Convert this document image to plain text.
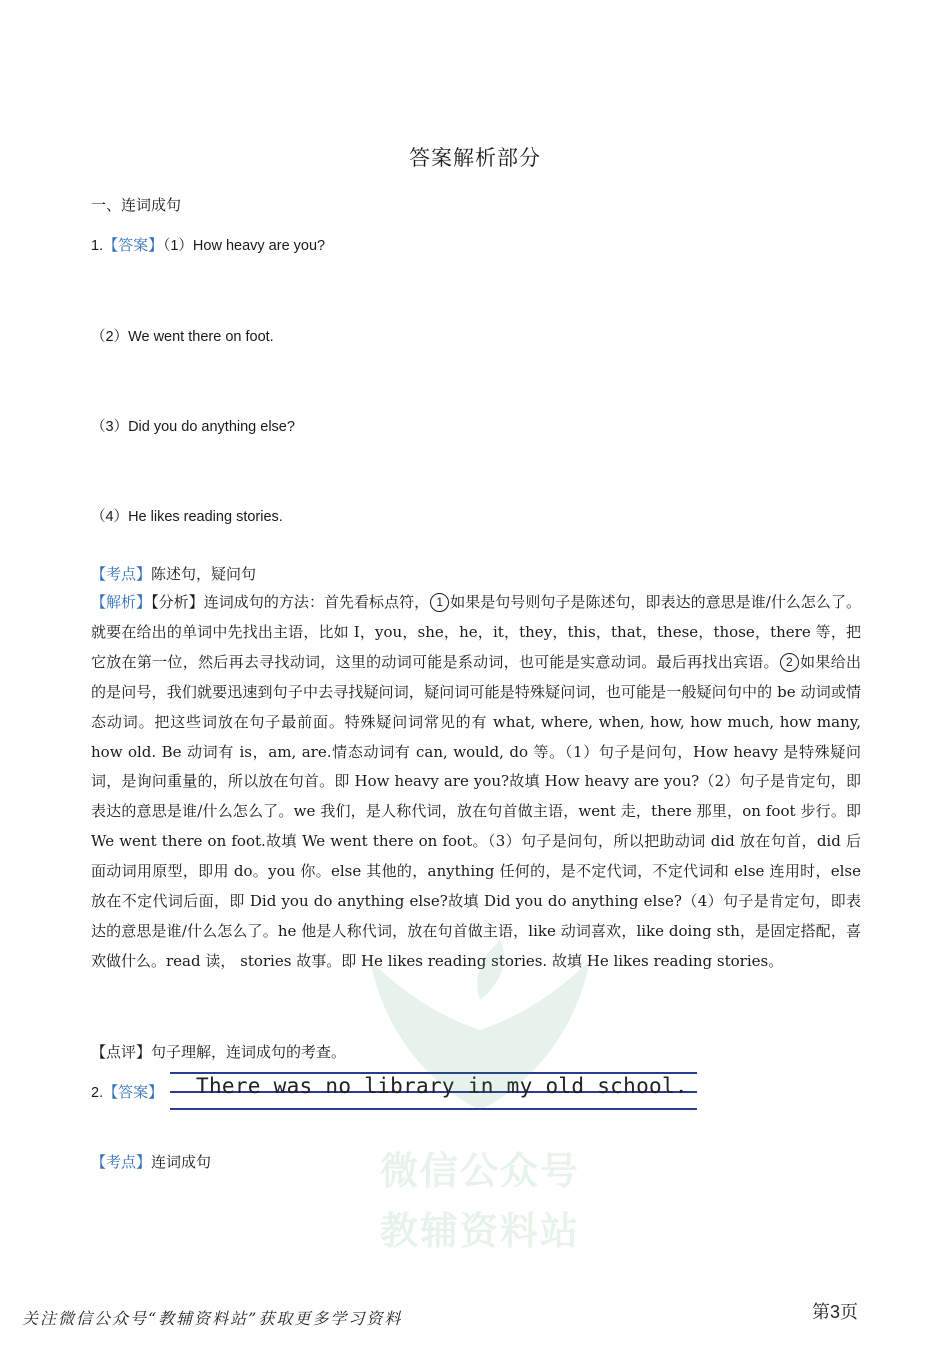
答案解析部分
一、连词成句
1.【答案】（1）How heavy are you?
（2）We went there on foot.
（3）Did you do anything else?
（4）He likes reading stories.
【考点】陈述句，疑问句
【解析】【分析】连词成句的方法：首先看标点符， 1 如果是句号则句子是陈述句，即表达的意思是谁/什么怎么了。就要在给出的单词中先找出主语，比如 I，you，she，he，it，they，this，that，these，those，there 等，把它放在第一位，然后再去寻找动词，这里的动词可能是系动词，也可能是实意动词。最后再找出宾语。 2 如果给出的是问号，我们就要迅速到句子中去寻找疑问词，疑问词可能是特殊疑问词，也可能是一般疑问句中的 be 动词或情态动词。把这些词放在句子最前面。特殊疑问词常见的有 what, where, when, how, how much, how many, how old. Be 动词有 is，am, are.情态动词有 can, would, do 等。（1）句子是问句，How heavy 是特殊疑问词，是询问重量的，所以放在句首。即 How heavy are you?故填 How heavy are you?（2）句子是肯定句，即表达的意思是谁/什么怎么了。we 我们，是人称代词，放在句首做主语，went 走，there 那里，on foot 步行。即 We went there on foot.故填 We went there on foot。（3）句子是问句，所以把助动词 did 放在句首，did 后面动词用原型，即用 do。you 你。else 其他的，anything 任何的，是不定代词，不定代词和 else 连用时，else 放在不定代词后面，即 Did you do anything else?故填 Did you do anything else?（4）句子是肯定句，即表达的意思是谁/什么怎么了。he 他是人称代词，放在句首做主语，like 动词喜欢，like doing sth，是固定搭配，喜欢做什么。read 读， stories 故事。即 He likes reading stories. 故填 He likes reading stories。
【点评】句子理解，连词成句的考查。
2.【答案】 There was no library in my old school.
【考点】连词成句	微信公众号
教辅资料站
关注微信公众号“教辅资料站”获取更多学习资料	第3页
